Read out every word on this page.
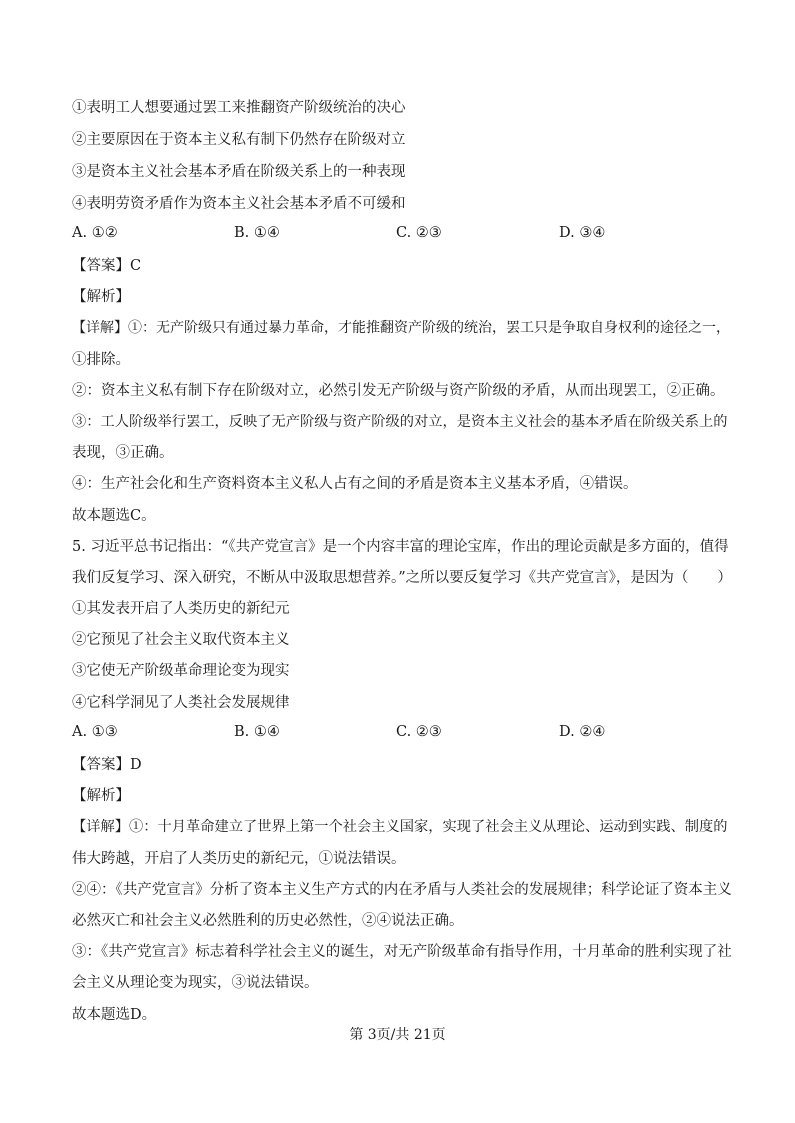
①表明工人想要通过罢工来推翻资产阶级统治的决心
②主要原因在于资本主义私有制下仍然存在阶级对立
③是资本主义社会基本矛盾在阶级关系上的一种表现
④表明劳资矛盾作为资本主义社会基本矛盾不可缓和
A. ①②	B. ①④	C. ②③	D. ③④
【答案】C
【解析】
【详解】①：无产阶级只有通过暴力革命，才能推翻资产阶级的统治，罢工只是争取自身权利的途径之一，
①排除。
②：资本主义私有制下存在阶级对立，必然引发无产阶级与资产阶级的矛盾，从而出现罢工，②正确。
③：工人阶级举行罢工，反映了无产阶级与资产阶级的对立，是资本主义社会的基本矛盾在阶级关系上的
表现，③正确。
④：生产社会化和生产资料资本主义私人占有之间的矛盾是资本主义基本矛盾，④错误。
故本题选C。
5. 习近平总书记指出：“《共产党宣言》是一个内容丰富的理论宝库，作出的理论贡献是多方面的，值得
我们反复学习、深入研究，不断从中汲取思想营养。”之所以要反复学习《共产党宣言》，是因为（　　）
①其发表开启了人类历史的新纪元
②它预见了社会主义取代资本主义
③它使无产阶级革命理论变为现实
④它科学洞见了人类社会发展规律
A. ①③	B. ①④	C. ②③	D. ②④
【答案】D
【解析】
【详解】①：十月革命建立了世界上第一个社会主义国家，实现了社会主义从理论、运动到实践、制度的
伟大跨越，开启了人类历史的新纪元，①说法错误。
②④：《共产党宣言》分析了资本主义生产方式的内在矛盾与人类社会的发展规律；科学论证了资本主义
必然灭亡和社会主义必然胜利的历史必然性，②④说法正确。
③：《共产党宣言》标志着科学社会主义的诞生，对无产阶级革命有指导作用，十月革命的胜利实现了社
会主义从理论变为现实，③说法错误。
故本题选D。
第 3页/共 21页
